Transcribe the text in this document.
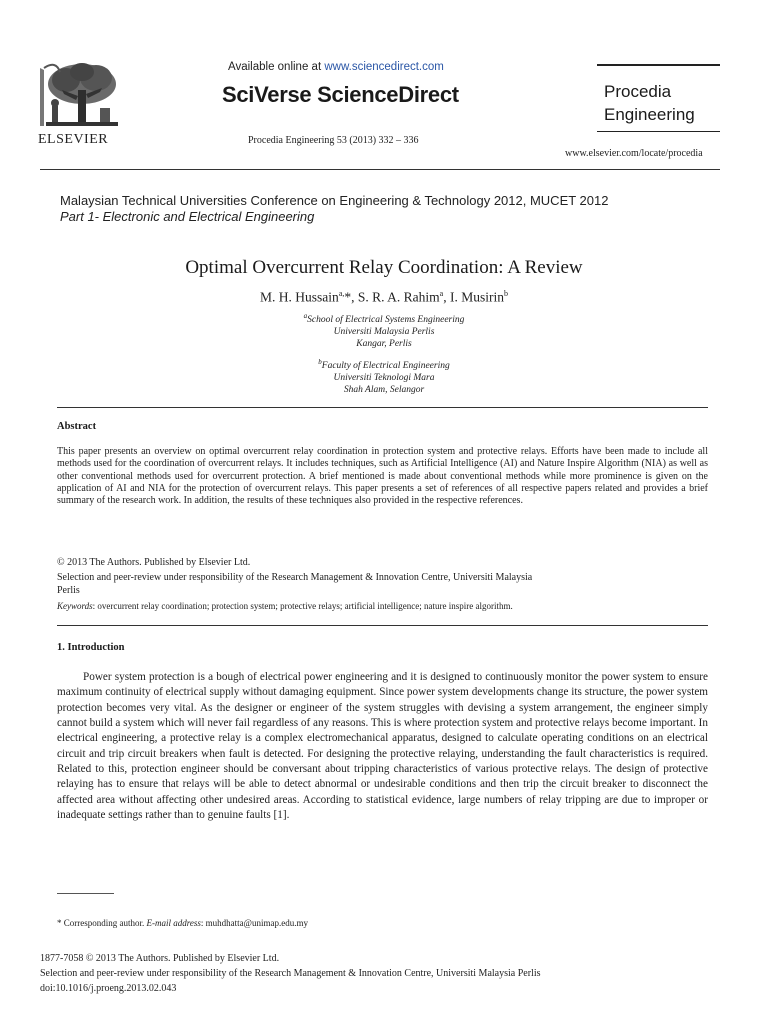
ELSEVIER
Available online at www.sciencedirect.com
SciVerse ScienceDirect
Procedia Engineering 53 (2013) 332 – 336
Procedia
Engineering
www.elsevier.com/locate/procedia
Malaysian Technical Universities Conference on Engineering & Technology 2012, MUCET 2012
Part 1- Electronic and Electrical Engineering
Optimal Overcurrent Relay Coordination: A Review
M. H. Hussain$^{a,}$*, S. R. A. Rahim$^a$, I. Musirin$^b$
$^a$School of Electrical Systems Engineering
Universiti Malaysia Perlis
Kangar, Perlis
$^b$Faculty of Electrical Engineering
Universiti Teknologi Mara
Shah Alam, Selangor
Abstract
This paper presents an overview on optimal overcurrent relay coordination in protection system and protective relays. Efforts have been made to include all methods used for the coordination of overcurrent relays. It includes techniques, such as Artificial Intelligence (AI) and Nature Inspire Algorithm (NIA) as well as other conventional methods used for overcurrent protection. A brief mentioned is made about conventional methods while more prominence is given on the application of AI and NIA for the protection of overcurrent relays. This paper presents a set of references of all respective papers related and provides a brief summary of the research work. In addition, the results of these techniques also provided in the respective references.
© 2013 The Authors. Published by Elsevier Ltd.
Selection and peer-review under responsibility of the Research Management & Innovation Centre, Universiti Malaysia
Perlis
Keywords: overcurrent relay coordination; protection system; protective relays; artificial intelligence; nature inspire algorithm.
1. Introduction
Power system protection is a bough of electrical power engineering and it is designed to continuously monitor the power system to ensure maximum continuity of electrical supply without damaging equipment. Since power system developments change its structure, the power system protection becomes very vital. As the designer or engineer of the system struggles with devising a system arrangement, the engineer simply cannot build a system which will never fail regardless of any reasons. This is where protection system and protective relays become important. In electrical engineering, a protective relay is a complex electromechanical apparatus, designed to calculate operating conditions on an electrical circuit and trip circuit breakers when fault is detected. For designing the protective relaying, understanding the fault characteristics is required. Related to this, protection engineer should be conversant about tripping characteristics of various protective relays. The design of protective relaying has to ensure that relays will be able to detect abnormal or undesirable conditions and then trip the circuit breaker to disconnect the affected area without affecting other undesired areas. According to statistical evidence, large numbers of relay tripping are due to improper or inadequate settings rather than to genuine faults [1].
* Corresponding author. E-mail address: muhdhatta@unimap.edu.my
1877-7058 © 2013 The Authors. Published by Elsevier Ltd.
Selection and peer-review under responsibility of the Research Management & Innovation Centre, Universiti Malaysia Perlis
doi:10.1016/j.proeng.2013.02.043
